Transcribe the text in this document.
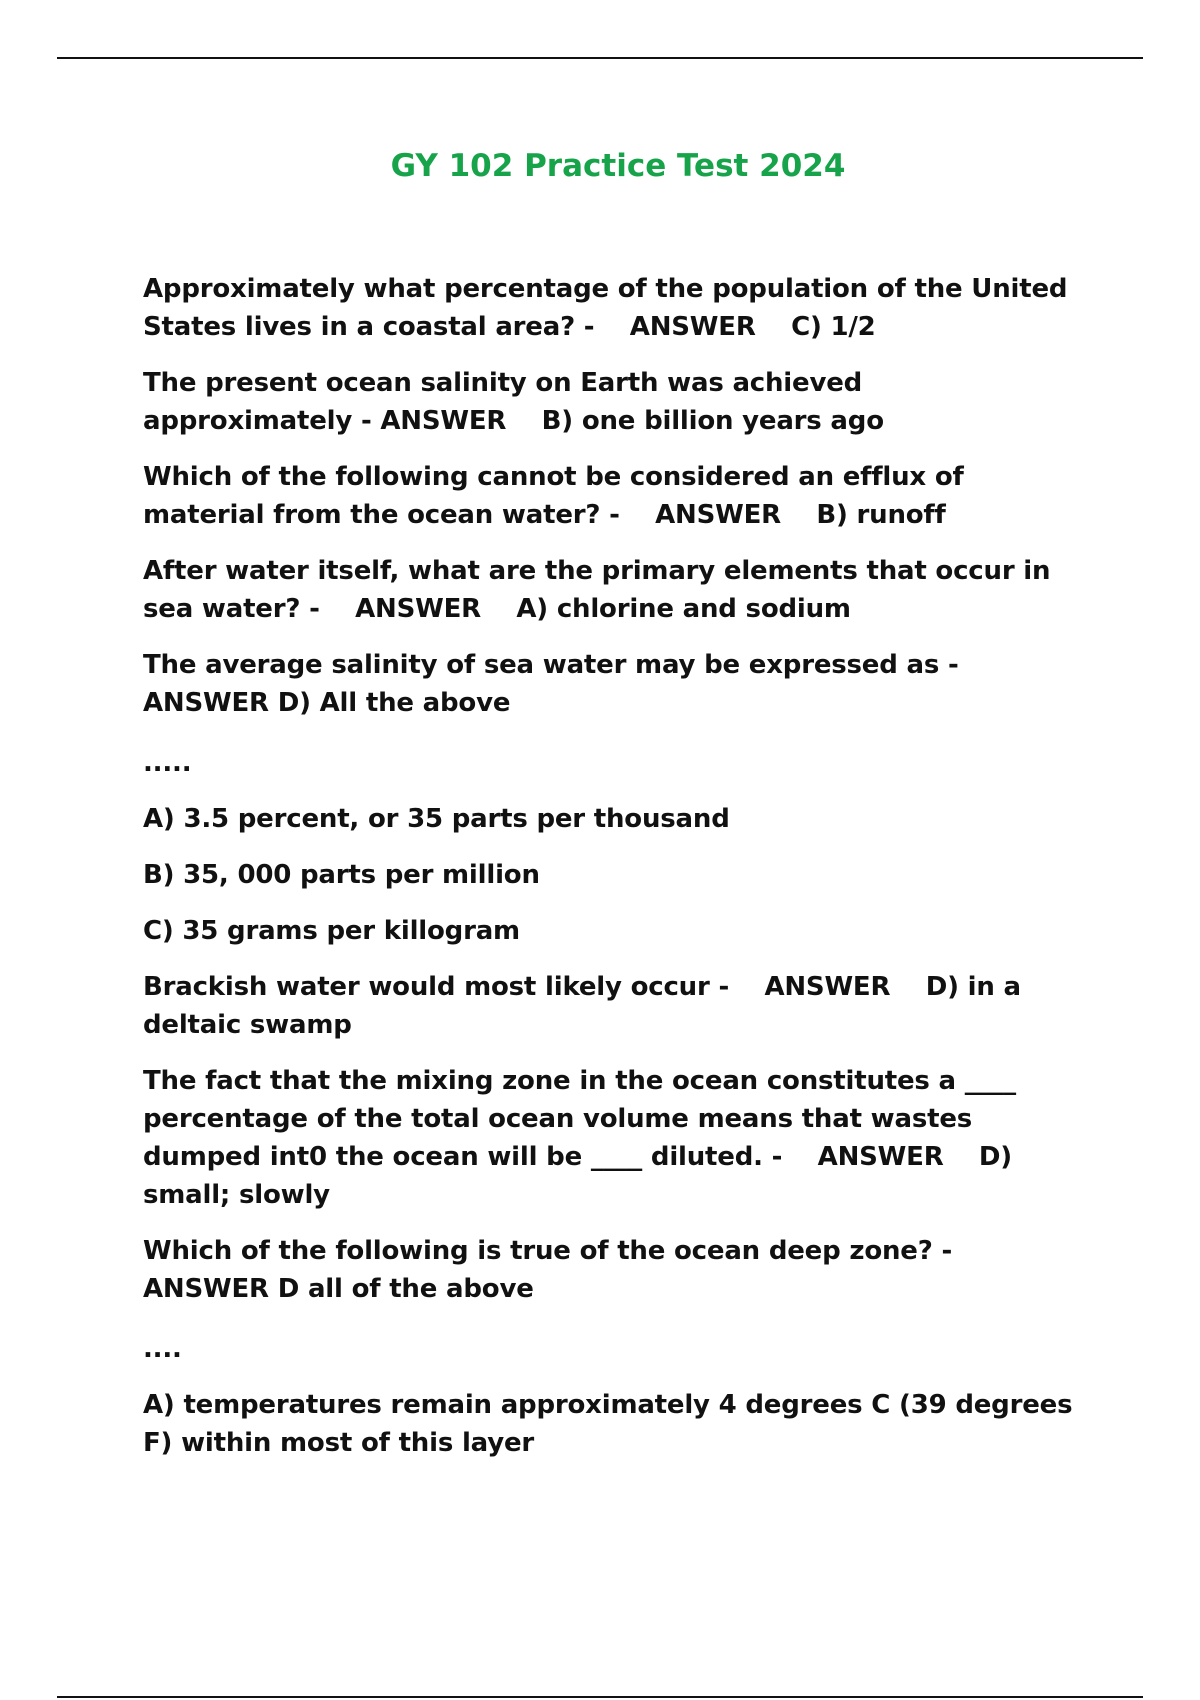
GY 102 Practice Test 2024

Approximately what percentage of the population of the United States lives in a coastal area? -    ANSWER    C) 1/2

The present ocean salinity on Earth was achieved approximately - ANSWER    B) one billion years ago

Which of the following cannot be considered an efflux of material from the ocean water? -    ANSWER    B) runoff

After water itself, what are the primary elements that occur in sea water? -    ANSWER    A) chlorine and sodium

The average salinity of sea water may be expressed as -    ANSWER D) All the above

.....

A) 3.5 percent, or 35 parts per thousand

B) 35, 000 parts per million

C) 35 grams per killogram

Brackish water would most likely occur -    ANSWER    D) in a deltaic swamp

The fact that the mixing zone in the ocean constitutes a ____ percentage of the total ocean volume means that wastes dumped int0 the ocean will be ____ diluted. -    ANSWER    D) small; slowly

Which of the following is true of the ocean deep zone? -    ANSWER D all of the above

....

A) temperatures remain approximately 4 degrees C (39 degrees F) within most of this layer
